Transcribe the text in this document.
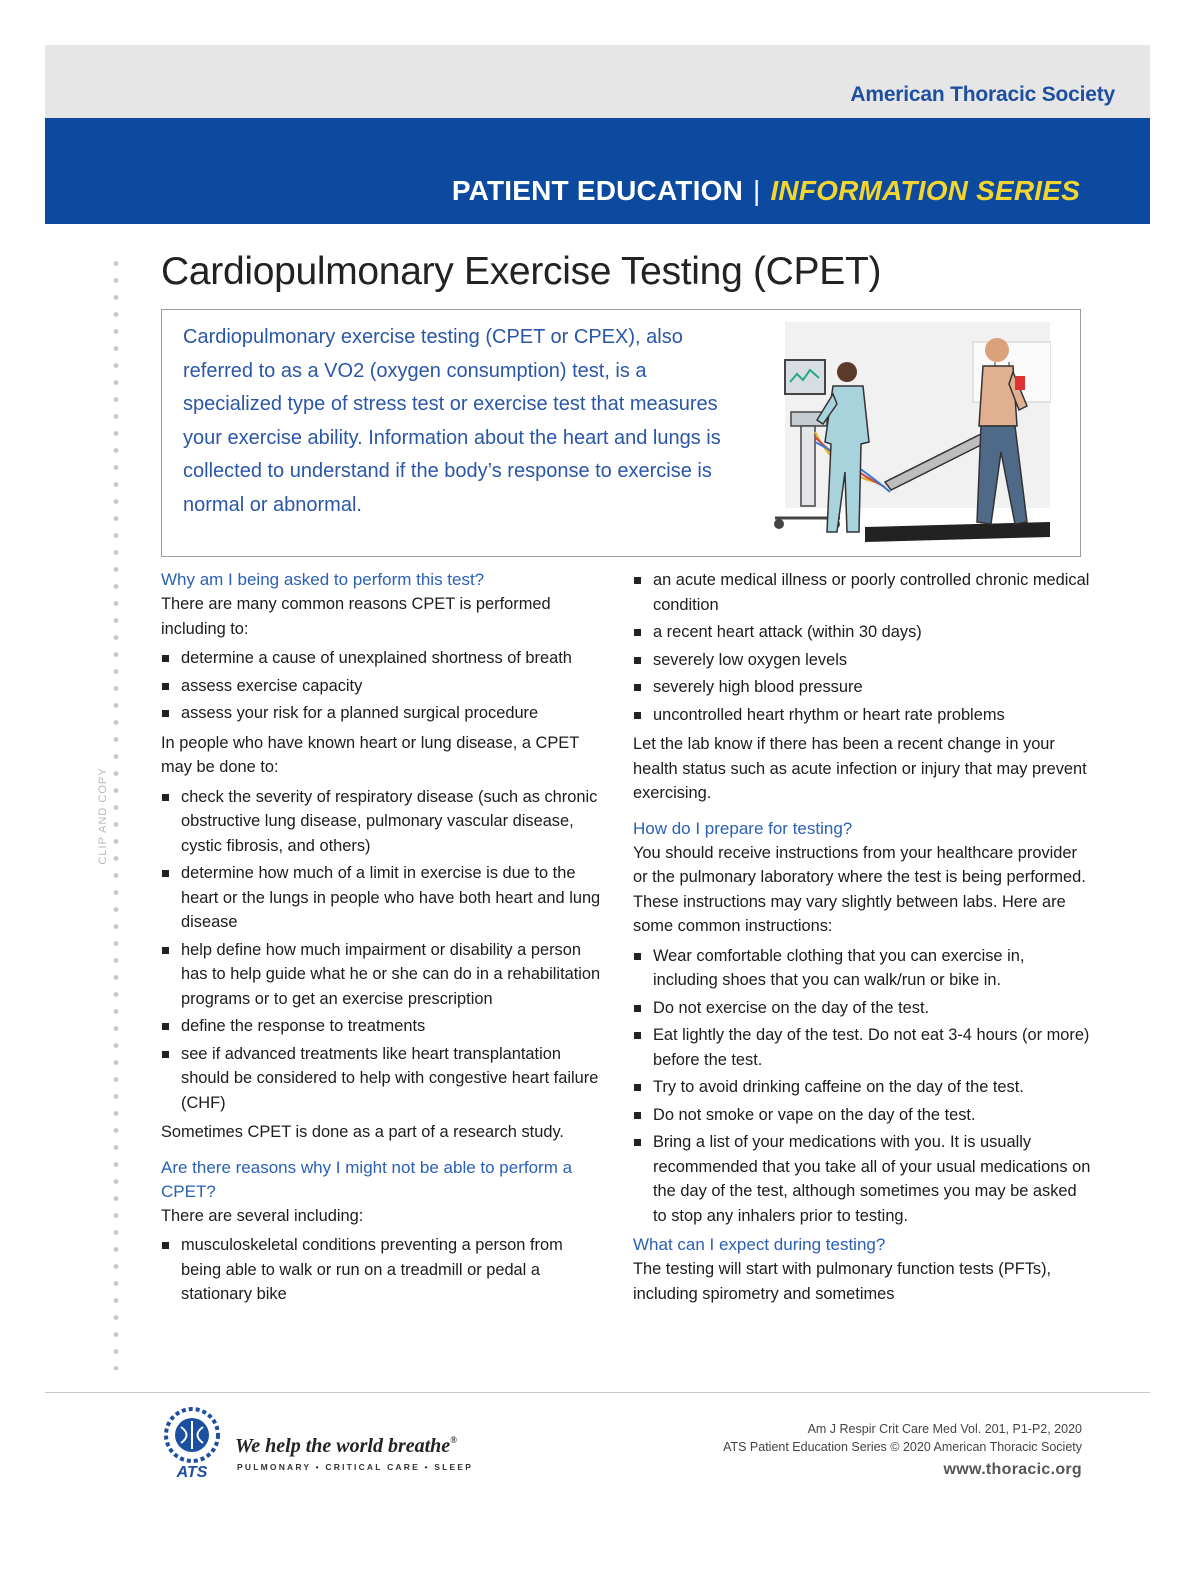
American Thoracic Society
PATIENT EDUCATION | INFORMATION SERIES
CLIP AND COPY
Cardiopulmonary Exercise Testing (CPET)

Cardiopulmonary exercise testing (CPET or CPEX), also referred to as a VO2 (oxygen consumption) test, is a specialized type of stress test or exercise test that measures your exercise ability. Information about the heart and lungs is collected to understand if the body’s response to exercise is normal or abnormal.

Why am I being asked to perform this test?

There are many common reasons CPET is performed including to:

determine a cause of unexplained shortness of breath
assess exercise capacity
assess your risk for a planned surgical procedure

In people who have known heart or lung disease, a CPET may be done to:

check the severity of respiratory disease (such as chronic obstructive lung disease, pulmonary vascular disease, cystic fibrosis, and others)
determine how much of a limit in exercise is due to the heart or the lungs in people who have both heart and lung disease
help define how much impairment or disability a person has to help guide what he or she can do in a rehabilitation programs or to get an exercise prescription
define the response to treatments
see if advanced treatments like heart transplantation should be considered to help with congestive heart failure (CHF)

Sometimes CPET is done as a part of a research study.

Are there reasons why I might not be able to perform a CPET?

There are several including:

musculoskeletal conditions preventing a person from being able to walk or run on a treadmill or pedal a stationary bike
an acute medical illness or poorly controlled chronic medical condition
a recent heart attack (within 30 days)
severely low oxygen levels
severely high blood pressure
uncontrolled heart rhythm or heart rate problems

Let the lab know if there has been a recent change in your health status such as acute infection or injury that may prevent exercising.

How do I prepare for testing?

You should receive instructions from your healthcare provider or the pulmonary laboratory where the test is being performed. These instructions may vary slightly between labs. Here are some common instructions:

Wear comfortable clothing that you can exercise in, including shoes that you can walk/run or bike in.
Do not exercise on the day of the test.
Eat lightly the day of the test. Do not eat 3-4 hours (or more) before the test.
Try to avoid drinking caffeine on the day of the test.
Do not smoke or vape on the day of the test.
Bring a list of your medications with you. It is usually recommended that you take all of your usual medications on the day of the test, although sometimes you may be asked to stop any inhalers prior to testing.
What can I expect during testing?

The testing will start with pulmonary function tests (PFTs), including spirometry and sometimes

ATS
We help the world breathe®
PULMONARY • CRITICAL CARE • SLEEP
Am J Respir Crit Care Med Vol. 201, P1-P2, 2020
ATS Patient Education Series © 2020 American Thoracic Society
www.thoracic.org
